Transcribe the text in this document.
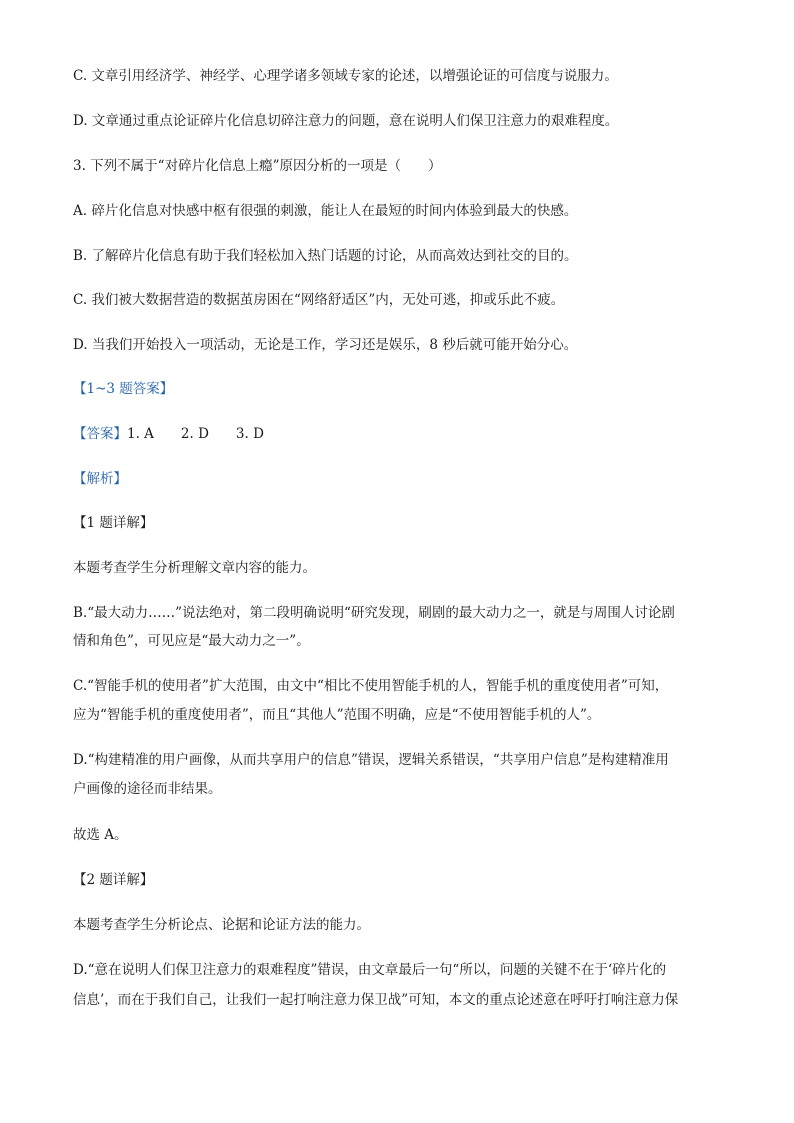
C. 文章引用经济学、神经学、心理学诸多领域专家的论述，以增强论证的可信度与说服力。
D. 文章通过重点论证碎片化信息切碎注意力的问题，意在说明人们保卫注意力的艰难程度。
3. 下列不属于“对碎片化信息上瘾”原因分析的一项是（　　）
A. 碎片化信息对快感中枢有很强的刺激，能让人在最短的时间内体验到最大的快感。
B. 了解碎片化信息有助于我们轻松加入热门话题的讨论，从而高效达到社交的目的。
C. 我们被大数据营造的数据茧房困在“网络舒适区”内，无处可逃，抑或乐此不疲。
D. 当我们开始投入一项活动，无论是工作，学习还是娱乐，8 秒后就可能开始分心。
【1~3 题答案】
【答案】1. A　　2. D　　3. D
【解析】
【1 题详解】
本题考查学生分析理解文章内容的能力。
B.“最大动力……”说法绝对，第二段明确说明“研究发现，刷剧的最大动力之一，就是与周围人讨论剧
情和角色”，可见应是“最大动力之一”。
C.“智能手机的使用者”扩大范围，由文中“相比不使用智能手机的人，智能手机的重度使用者”可知，
应为“智能手机的重度使用者”，而且“其他人”范围不明确，应是“不使用智能手机的人”。
D.“构建精准的用户画像，从而共享用户的信息”错误，逻辑关系错误，“共享用户信息”是构建精准用
户画像的途径而非结果。
故选 A。
【2 题详解】
本题考查学生分析论点、论据和论证方法的能力。
D.“意在说明人们保卫注意力的艰难程度”错误，由文章最后一句“所以，问题的关键不在于‘碎片化的
信息’，而在于我们自己，让我们一起打响注意力保卫战”可知，本文的重点论述意在呼吁打响注意力保
